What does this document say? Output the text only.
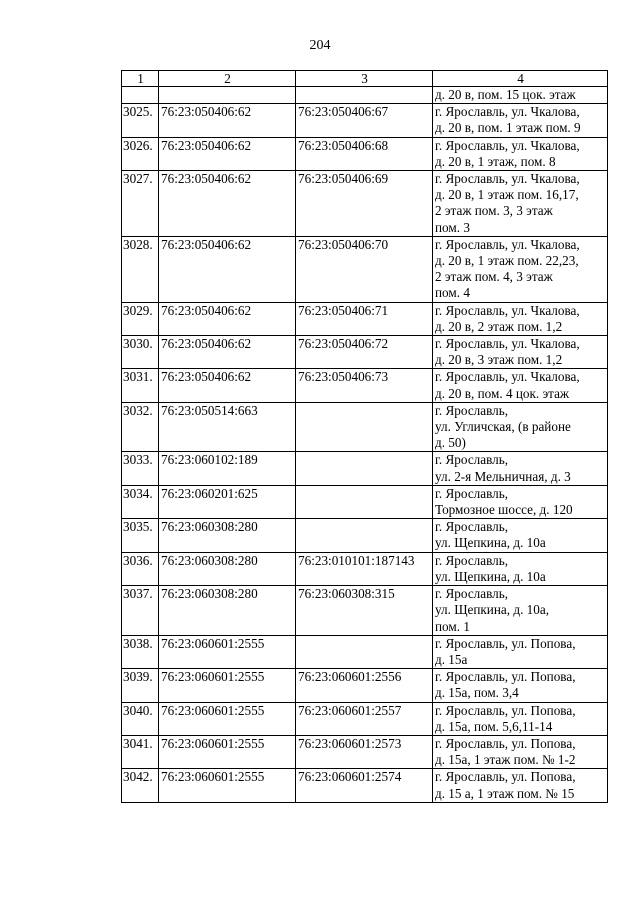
204
1	2	3	4

			д. 20 в, пом. 15 цок. этаж

3025.	76:23:050406:62	76:23:050406:67	г. Ярославль, ул. Чкалова,
д. 20 в, пом. 1 этаж пом. 9

3026.	76:23:050406:62	76:23:050406:68	г. Ярославль, ул. Чкалова,
д. 20 в, 1 этаж, пом. 8

3027.	76:23:050406:62	76:23:050406:69	г. Ярославль, ул. Чкалова,
д. 20 в, 1 этаж пом. 16,17,
2 этаж пом. 3, 3 этаж
пом. 3

3028.	76:23:050406:62	76:23:050406:70	г. Ярославль, ул. Чкалова,
д. 20 в, 1 этаж пом. 22,23,
2 этаж пом. 4, 3 этаж
пом. 4

3029.	76:23:050406:62	76:23:050406:71	г. Ярославль, ул. Чкалова,
д. 20 в, 2 этаж пом. 1,2

3030.	76:23:050406:62	76:23:050406:72	г. Ярославль, ул. Чкалова,
д. 20 в, 3 этаж пом. 1,2

3031.	76:23:050406:62	76:23:050406:73	г. Ярославль, ул. Чкалова,
д. 20 в, пом. 4 цок. этаж

3032.	76:23:050514:663		г. Ярославль,
ул. Угличская, (в районе
д. 50)

3033.	76:23:060102:189		г. Ярославль,
ул. 2-я Мельничная, д. 3

3034.	76:23:060201:625		г. Ярославль,
Тормозное шоссе, д. 120

3035.	76:23:060308:280		г. Ярославль,
ул. Щепкина, д. 10а

3036.	76:23:060308:280	76:23:010101:187143	г. Ярославль,
ул. Щепкина, д. 10а

3037.	76:23:060308:280	76:23:060308:315	г. Ярославль,
ул. Щепкина, д. 10а,
пом. 1

3038.	76:23:060601:2555		г. Ярославль, ул. Попова,
д. 15а

3039.	76:23:060601:2555	76:23:060601:2556	г. Ярославль, ул. Попова,
д. 15а, пом. 3,4

3040.	76:23:060601:2555	76:23:060601:2557	г. Ярославль, ул. Попова,
д. 15а, пом. 5,6,11-14

3041.	76:23:060601:2555	76:23:060601:2573	г. Ярославль, ул. Попова,
д. 15а, 1 этаж пом. № 1-2

3042.	76:23:060601:2555	76:23:060601:2574	г. Ярославль, ул. Попова,
д. 15 а, 1 этаж пом. № 15
